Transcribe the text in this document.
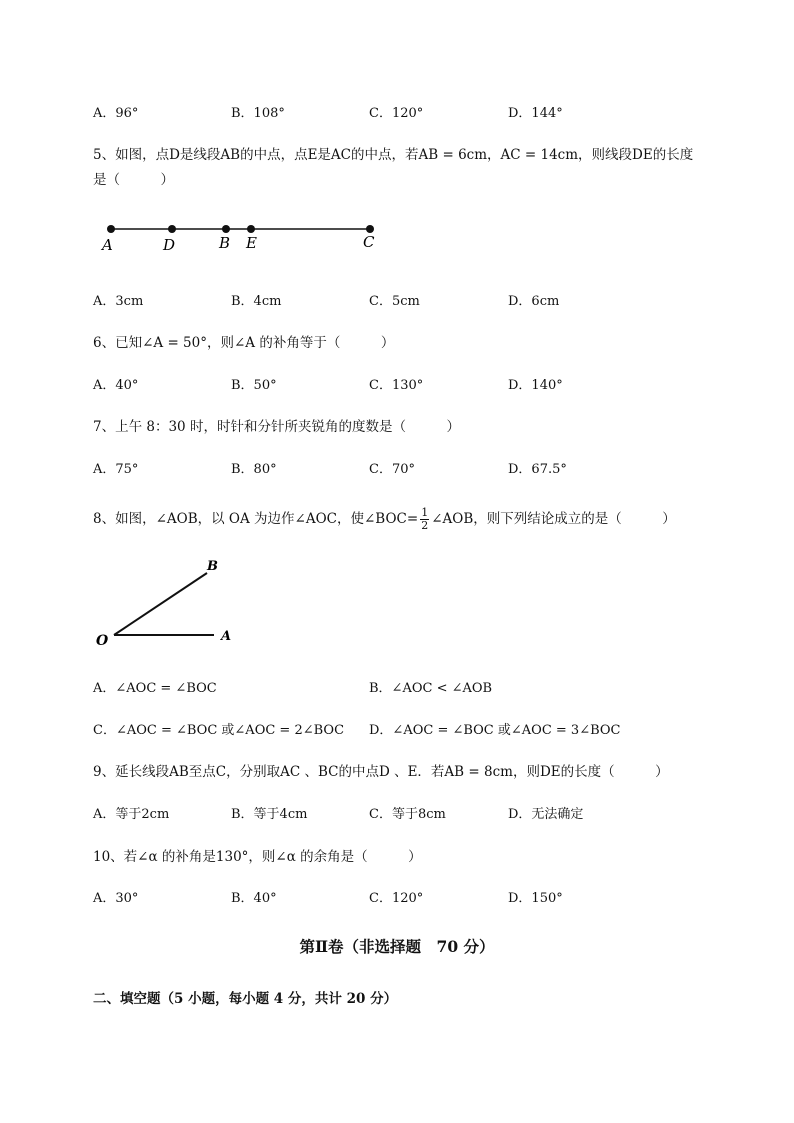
A．96°	B．108°	C．120°	D．144°
5、如图，点D是线段AB的中点，点E是AC的中点，若AB = 6cm，AC = 14cm，则线段DE的长度
是（　　　）
A	D	B E	C
A．3cm	B．4cm	C．5cm	D．6cm
6、已知∠A = 50°，则∠A 的补角等于（　　　）
A．40°	B．50°	C．130°	D．140°
7、上午 8：30 时，时针和分针所夹锐角的度数是（　　　）
A．75°	B．80°	C．70°	D．67.5°
8、如图，∠AOB，以 OA 为边作∠AOC，使∠BOC= $\frac{1}{2}$ ∠AOB，则下列结论成立的是（　　　）
B
O	A
A．∠AOC = ∠BOC	B．∠AOC < ∠AOB
C．∠AOC = ∠BOC 或∠AOC = 2∠BOC D．∠AOC = ∠BOC 或∠AOC = 3∠BOC
9、延长线段AB至点C，分别取AC 、BC的中点D 、E．若AB = 8cm，则DE的长度（　　　）
A．等于2cm	B．等于4cm	C．等于8cm	D．无法确定
10、若∠α 的补角是130°，则∠α 的余角是（　　　）
A．30°	B．40°	C．120°	D．150°
第Ⅱ卷（非选择题　70 分）
二、填空题（5 小题，每小题 4 分，共计 20 分）
